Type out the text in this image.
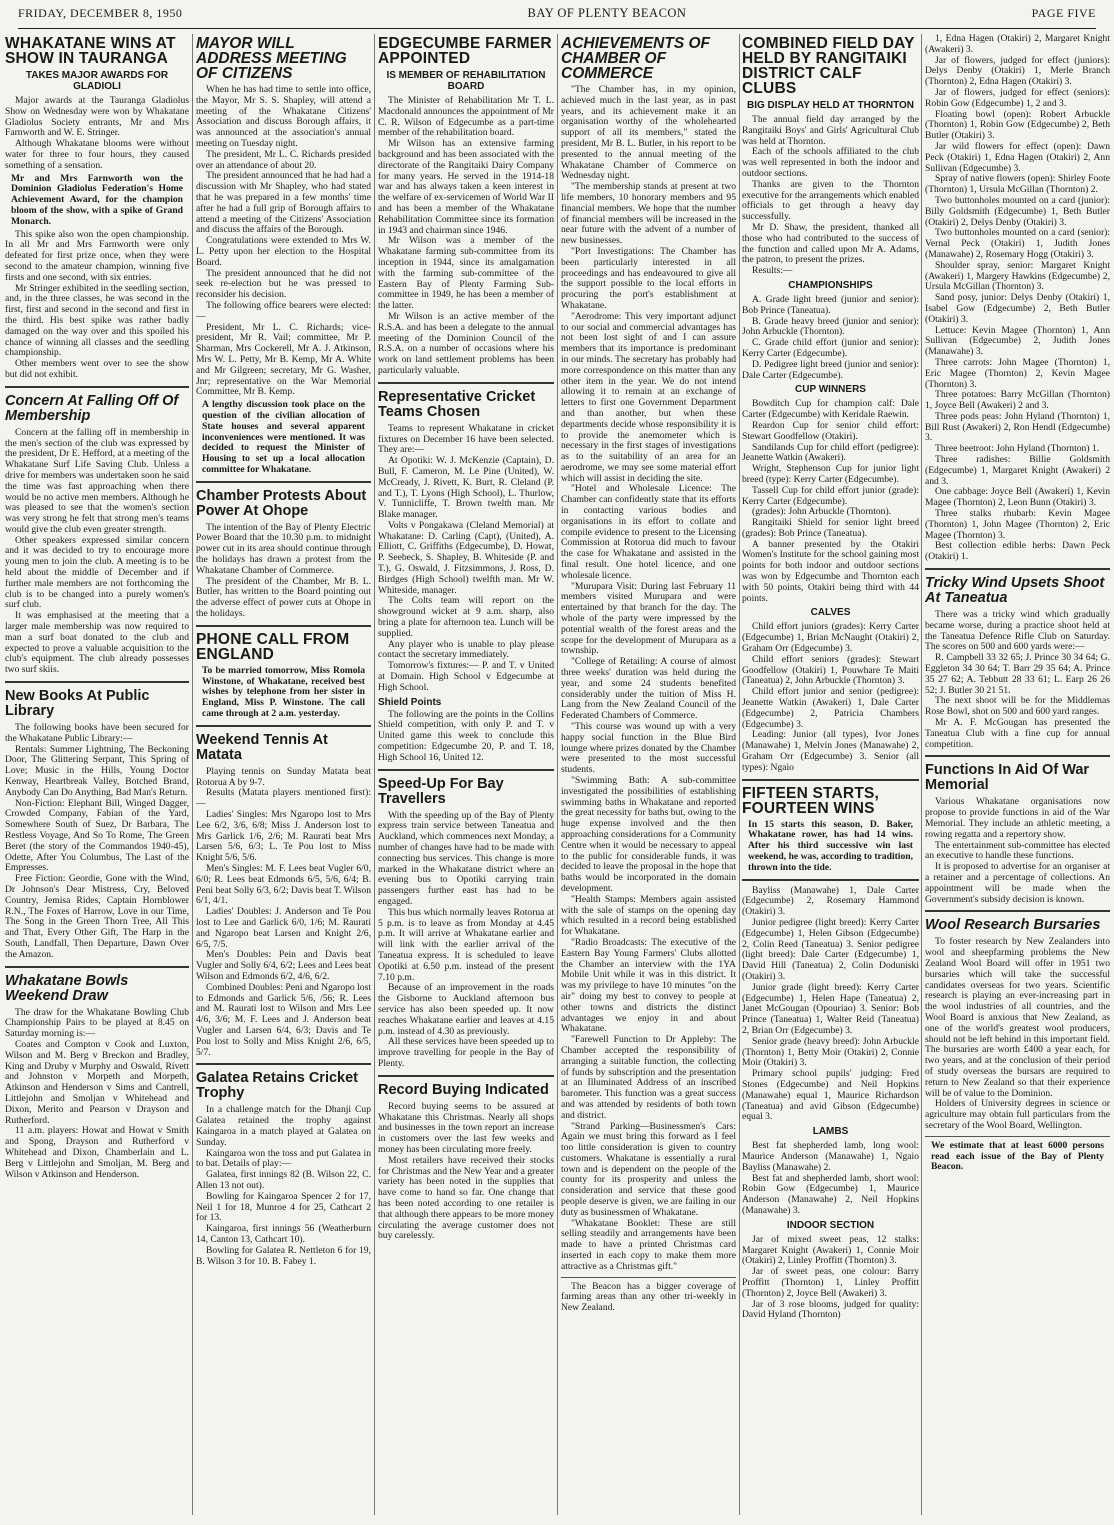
FRIDAY, DECEMBER 8, 1950	BAY OF PLENTY BEACON	PAGE FIVE
WHAKATANE WINS AT SHOW IN TAURANGA
TAKES MAJOR AWARDS FOR GLADIOLI

Major awards at the Tauranga Gladiolus Show on Wednesday were won by Whakatane Gladiolus Society entrants, Mr and Mrs Farnworth and W. E. Stringer.

Although Whakatane blooms were without water for three to four hours, they caused something of a sensation.

Mr and Mrs Farnworth won the Dominion Gladiolus Federation's Home Achievement Award, for the champion bloom of the show, with a spike of Grand Monarch.

This spike also won the open championship. In all Mr and Mrs Farnworth were only defeated for first prize once, when they were second to the amateur champion, winning five firsts and one second, with six entries.

Mr Stringer exhibited in the seedling section, and, in the three classes, he was second in the first, first and second in the second and first in the third. His best spike was rather badly damaged on the way over and this spoiled his chance of winning all classes and the seedling championship.

Other members went over to see the show but did not exhibit.

Concern At Falling Off Of Membership

Concern at the falling off in membership in the men's section of the club was expressed by the president, Dr E. Hefford, at a meeting of the Whakatane Surf Life Saving Club. Unless a drive for members was undertaken soon he said the time was fast approaching when there would be no active men members. Although he was pleased to see that the women's section was very strong he felt that strong men's teams would give the club even greater strength.

Other speakers expressed similar concern and it was decided to try to encourage more young men to join the club. A meeting is to be held about the middle of December and if further male members are not forthcoming the club is to be changed into a purely women's surf club.

It was emphasised at the meeting that a larger male membership was now required to man a surf boat donated to the club and expected to prove a valuable acquisition to the club's equipment. The club already possesses two surf skiis.

New Books At Public Library

The following books have been secured for the Whakatane Public Library:—

Rentals: Summer Lightning, The Beckoning Door, The Glittering Serpant, This Spring of Love; Music in the Hills, Young Doctor Kenway, Heartbreak Valley, Botched Brand, Anybody Can Do Anything, Bad Man's Return.

Non-Fiction: Elephant Bill, Winged Dagger, Crowded Company, Fabian of the Yard, Somewhere South of Suez, Dr Barbara, The Restless Voyage, And So To Rome, The Green Beret (the story of the Commandos 1940-45), Odette, After You Columbus, The Last of the Empresses.

Free Fiction: Geordie, Gone with the Wind, Dr Johnson's Dear Mistress, Cry, Beloved Country, Jemisa Rides, Captain Hornblower R.N., The Foxes of Harrow, Love in our Time, The Song in the Green Thorn Tree, All This and That, Every Other Gift, The Harp in the South, Landfall, Then Departure, Dawn Over the Amazon.

Whakatane Bowls Weekend Draw

The draw for the Whakatane Bowling Club Championship Pairs to be played at 8.45 on Saturday morning is:—

Coates and Compton v Cook and Luxton, Wilson and M. Berg v Breckon and Bradley, King and Druby v Murphy and Oswald, Rivett and Johnston v Morpeth and Morpeth, Atkinson and Henderson v Sims and Cantrell, Littlejohn and Smoljan v Whitehead and Dixon, Merito and Pearson v Drayson and Rutherford.

11 a.m. players: Howat and Howat v Smith and Spong, Drayson and Rutherford v Whitehead and Dixon, Chamberlain and L. Berg v Littlejohn and Smoljan, M. Berg and Wilson v Atkinson and Henderson.

MAYOR WILL ADDRESS MEETING OF CITIZENS

When he has had time to settle into office, the Mayor, Mr S. S. Shapley, will attend a meeting of the Whakatane Citizens' Association and discuss Borough affairs, it was announced at the association's annual meeting on Tuesday night.

The president, Mr L. C. Richards presided over an attendance of about 20.

The president announced that he had had a discussion with Mr Shapley, who had stated that he was prepared in a few months' time after he had a full grip of Borough affairs to attend a meeting of the Citizens' Association and discuss the affairs of the Borough.

Congratulations were extended to Mrs W. L. Petty upon her election to the Hospital Board.

The president announced that he did not seek re-election but he was pressed to reconsider his decision.

The following office bearers were elected:—

President, Mr L. C. Richards; vice-president, Mr R. Vail; committee, Mr P. Sharman, Mrs Cockerell, Mr A. J. Atkinson, Mrs W. L. Petty, Mr B. Kemp, Mr A. White and Mr Gilgreen; secretary, Mr G. Washer, Jnr; representative on the War Memorial Committee, Mr B. Kemp.

A lengthy discussion took place on the question of the civilian allocation of State houses and several apparent inconveniences were mentioned. It was decided to request the Minister of Housing to set up a local allocation committee for Whakatane.
Chamber Protests About Power At Ohope

The intention of the Bay of Plenty Electric Power Board that the 10.30 p.m. to midnight power cut in its area should continue through the holidays has drawn a protest from the Whakatane Chamber of Commerce.

The president of the Chamber, Mr B. L. Butler, has written to the Board pointing out the adverse effect of power cuts at Ohope in the holidays.

PHONE CALL FROM ENGLAND
To be married tomorrow, Miss Romola Winstone, of Whakatane, received best wishes by telephone from her sister in England, Miss P. Winstone. The call came through at 2 a.m. yesterday.
Weekend Tennis At Matata

Playing tennis on Sunday Matata beat Rotorua A by 9-7.

Results (Matata players mentioned first):—

Ladies' Singles: Mrs Ngaropo lost to Mrs Lee 6/2, 3/6, 6/8; Miss J. Anderson lost to Mrs Garlick 1/6, 2/6; M. Raurati beat Mrs Larsen 5/6, 6/3; L. Te Pou lost to Miss Knight 5/6, 5/6.

Men's Singles: M. F. Lees beat Vugler 6/0, 6/0; R. Lees beat Edmonds 6/5, 5/6, 6/4; B. Peni beat Solly 6/3, 6/2; Davis beat T. Wilson 6/1, 4/1.

Ladies' Doubles: J. Anderson and Te Pou lost to Lee and Garlick 6/0, 1/6; M. Raurati and Ngaropo beat Larsen and Knight 2/6, 6/5, 7/5.

Men's Doubles: Pein and Davis beat Vugler and Solly 6/4, 6/2; Lees and Lees beat Wilson and Edmonds 6/2, 4/6, 6/2.

Combined Doubles: Peni and Ngaropo lost to Edmonds and Garlick 5/6, /56; R. Lees and M. Raurati lost to Wilson and Mrs Lee 4/6, 3/6; M. F. Lees and J. Anderson beat Vugler and Larsen 6/4, 6/3; Davis and Te Pou lost to Solly and Miss Knight 2/6, 6/5, 5/7.

Galatea Retains Cricket Trophy

In a challenge match for the Dhanji Cup Galatea retained the trophy against Kaingaroa in a match played at Galatea on Sunday.

Kaingaroa won the toss and put Galatea in to bat. Details of play:—

Galatea, first innings 82 (B. Wilson 22, C. Allen 13 not out).

Bowling for Kaingaroa Spencer 2 for 17, Neil 1 for 18, Munroe 4 for 25, Cathcart 2 for 13.

Kaingaroa, first innings 56 (Weatherburn 14, Canton 13, Cathcart 10).

Bowling for Galatea R. Nettleton 6 for 19, B. Wilson 3 for 10. B. Fabey 1.

EDGECUMBE FARMER APPOINTED
IS MEMBER OF REHABILITATION BOARD

The Minister of Rehabilitation Mr T. L. Macdonald announces the appointment of Mr C. R. Wilson of Edgecumbe as a part-time member of the rehabilitation board.

Mr Wilson has an extensive farming background and has been associated with the directorate of the Rangitaiki Dairy Company for many years. He served in the 1914-18 war and has always taken a keen interest in the welfare of ex-servicemen of World War II and has been a member of the Whakatane Rehabilitation Committee since its formation in 1943 and chairman since 1946.

Mr Wilson was a member of the Whakatane farming sub-committee from its inception in 1944, since its amalgamation with the farming sub-committee of the Eastern Bay of Plenty Farming Sub-committee in 1949, he has been a member of the latter.

Mr Wilson is an active member of the R.S.A. and has been a delegate to the annual meeting of the Dominion Council of the R.S.A. on a number of occasions where his work on land settlement problems has been particularly valuable.

Representative Cricket Teams Chosen

Teams to represent Whakatane in cricket fixtures on December 16 have been selected. They are:—

At Opotiki: W. J. McKenzie (Captain), D. Bull, F. Cameron, M. Le Pine (United), W. McCready, J. Rivett, K. Burt, R. Cleland (P. and T.), T. Lyons (High School), L. Thurlow, V. Tunnicliffe, T. Brown twelth man. Mr Blake manager.

Volts v Pongakawa (Cleland Memorial) at Whakatane: D. Carling (Capt), (United), A. Elliott, C. Griffiths (Edgecumbe), D. Howat, P. Seebeck, S. Shapley, B. Whiteside (P. and T.), G. Oswald, J. Fitzsimmons, J. Ross, D. Birdges (High School) twelfth man. Mr W. Whiteside, manager.

The Colts team will report on the showground wicket at 9 a.m. sharp, also bring a plate for afternoon tea. Lunch will be supplied.

Any player who is unable to play please contact the secretary immediately.

Tomorrow's fixtures:— P. and T. v United at Domain. High School v Edgecumbe at High School.

Shield Points

The following are the points in the Collins Shield competition, with only P. and T. v United game this week to conclude this competition: Edgecumbe 20, P. and T. 18, High School 16, United 12.

Speed-Up For Bay Travellers

With the speeding up of the Bay of Plenty express train service between Taneatua and Auckland, which commences next Monday, a number of changes have had to be made with connecting bus services. This change is more marked in the Whakatane district where an evening bus to Opotiki carrying train passengers further east has had to be engaged.

This bus which normally leaves Rotorua at 5 p.m. is to leave as from Monday at 4.45 p.m. It will arrive at Whakatane earlier and will link with the earlier arrival of the Taneatua express. It is scheduled to leave Opotiki at 6.50 p.m. instead of the present 7.10 p.m.

Because of an improvement in the roads the Gisborne to Auckland afternoon bus service has also been speeded up. It now reaches Whakatane earlier and leaves at 4.15 p.m. instead of 4.30 as previously.

All these services have been speeded up to improve travelling for people in the Bay of Plenty.

Record Buying Indicated

Record buying seems to be assured at Whakatane this Christmas. Nearly all shops and businesses in the town report an increase in customers over the last few weeks and money has been circulating more freely.

Most retailers have received their stocks for Christmas and the New Year and a greater variety has been noted in the supplies that have come to hand so far. One change that has been noted according to one retailer is that although there appears to be more money circulating the average customer does not buy carelessly.

ACHIEVEMENTS OF CHAMBER OF COMMERCE

"The Chamber has, in my opinion, achieved much in the last year, as in past years, and its achievement make it an organisation worthy of the wholehearted support of all its members," stated the president, Mr B. L. Butler, in his report to be presented to the annual meeting of the Whakatane Chamber of Commerce on Wednesday night.

"The membership stands at present at two life members, 10 honorary members and 95 financial members. We hope that the number of financial members will be increased in the near future with the advent of a number of new businesses.

"Port Investigations: The Chamber has been particularly interested in all proceedings and has endeavoured to give all the support possible to the local efforts in procuring the port's establishment at Whakatane.

"Aerodrome: This very important adjunct to our social and commercial advantages has not been lost sight of and I can assure members that its importance is predominant in our minds. The secretary has probably had more correspondence on this matter than any other item in the year. We do not intend allowing it to remain at an exchange of letters to first one Government Department and than another, but when these departments decide whose responsibility it is to provide the anemometer which is necessary in the first stages of investigations as to the suitability of an area for an aerodrome, we may see some material effort which will assist in deciding the site.

"Hotel and Wholesale Licence: The Chamber can confidently state that its efforts in contacting various bodies and organisations in its effort to collate and compile evidence to present to the Licensing Commission at Rotorua did much to favour the case for Whakatane and assisted in the final result. One hotel licence, and one wholesale licence.

"Murupara Visit: During last February 11 members visited Murupara and were entertained by that branch for the day. The whole of the party were impressed by the potential wealth of the forest areas and the scope for the development of Murupara as a township.

"College of Retailing: A course of almost three weeks' duration was held during the year, and some 24 students benefited considerably under the tuition of Miss H. Lang from the New Zealand Council of the Federated Chambers of Commerce.

"This course was wound up with a very happy social function in the Blue Bird lounge where prizes donated by the Chamber were presented to the most successful students.

"Swimming Bath: A sub-committee investigated the possibilities of establishing swimming baths in Whakatane and reported the great necessity for baths but, owing to the huge expense involved and the then approaching considerations for a Community Centre when it would be necessary to appeal to the public for considerable funds, it was decided to leave the proposal in the hope that baths would be incorporated in the domain development.

"Health Stamps: Members again assisted with the sale of stamps on the opening day which resulted in a record being established for Whakatane.

"Radio Broadcasts: The executive of the Eastern Bay Young Farmers' Clubs allotted the Chamber an interview with the 1YA Mobile Unit while it was in this district. It was my privilege to have 10 minutes "on the air" doing my best to convey to people at other towns and districts the distinct advantages we enjoy in and about Whakatane.

"Farewell Function to Dr Appleby: The Chamber accepted the responsibility of arranging a suitable function, the collecting of funds by subscription and the presentation at an Illuminated Address of an inscribed barometer. This function was a great success and was attended by residents of both town and district.

"Strand Parking—Businessmen's Cars: Again we must bring this forward as I feel too little consideration is given to country customers. Whakatane is essentially a rural town and is dependent on the people of the county for its prosperity and unless the consideration and service that these good people deserve is given, we are failing in our duty as businessmen of Whakatane.

"Whakatane Booklet: These are still selling steadily and arrangements have been made to have a printed Christmas card inserted in each copy to make them more attractive as a Christmas gift."

The Beacon has a bigger coverage of farming areas than any other tri-weekly in New Zealand.

COMBINED FIELD DAY HELD BY RANGITAIKI DISTRICT CALF CLUBS
BIG DISPLAY HELD AT THORNTON

The annual field day arranged by the Rangitaiki Boys' and Girls' Agricultural Club was held at Thornton.

Each of the schools affiliated to the club was well represented in both the indoor and outdoor sections.

Thanks are given to the Thornton executive for the arrangements which enabled officials to get through a heavy day successfully.

Mr D. Shaw, the president, thanked all those who had contributed to the success of the function and called upon Mr A. Adams, the patron, to present the prizes.

Results:—

CHAMPIONSHIPS

A. Grade light breed (junior and senior): Bob Prince (Taneatua).

B. Grade heavy breed (junior and senior): John Arbuckle (Thornton).

C. Grade child effort (junior and senior): Kerry Carter (Edgecumbe).

D. Pedigree light breed (junior and senior): Dale Carter (Edgecumbe).

CUP WINNERS

Bowditch Cup for champion calf: Dale Carter (Edgecumbe) with Keridale Raewin.

Reardon Cup for senior child effort: Stewart Goodfellow (Otakiri).

Sandilands Cup for child effort (pedigree): Jeanette Watkin (Awakeri).

Wright, Stephenson Cup for junior light breed (type): Kerry Carter (Edgecumbe).

Tassell Cup for child effort junior (grade): Kerry Carter (Edgecumbe).

(grades): John Arbuckle (Thornton).

Rangitaiki Shield for senior light breed (grades): Bob Prince (Taneatua).

A banner presented by the Otakiri Women's Institute for the school gaining most points for both indoor and outdoor sections was won by Edgecumbe and Thornton each with 50 points, Otakiri being third with 44 points.

CALVES

Child effort juniors (grades): Kerry Carter (Edgecumbe) 1, Brian McNaught (Otakiri) 2, Graham Orr (Edgecumbe) 3.

Child effort seniors (grades): Stewart Goodfellow (Otakiri) 1, Pouwhare Te Maiti (Taneatua) 2, John Arbuckle (Thornton) 3.

Child effort junior and senior (pedigree): Jeanette Watkin (Awakeri) 1, Dale Carter (Edgecumbe) 2, Patricia Chambers (Edgecumbe) 3.

Leading: Junior (all types), Ivor Jones (Manawahe) 1, Melvin Jones (Manawahe) 2, Graham Orr (Edgecumbe) 3. Senior (all types): Ngaio

FIFTEEN STARTS, FOURTEEN WINS
In 15 starts this season, D. Baker, Whakatane rower, has had 14 wins. After his third successive win last weekend, he was, according to tradition, thrown into the tide.

Bayliss (Manawahe) 1, Dale Carter (Edgecumbe) 2, Rosemary Hammond (Otakiri) 3.

Junior pedigree (light breed): Kerry Carter (Edgecumbe) 1, Helen Gibson (Edgecumbe) 2, Colin Reed (Taneatua) 3. Senior pedigree (light breed): Dale Carter (Edgecumbe) 1, David Hill (Taneatua) 2, Colin Doduniski (Otakiri) 3.

Junior grade (light breed): Kerry Carter (Edgecumbe) 1, Helen Hape (Taneatua) 2, Janet McGougan (Opouriao) 3. Senior: Bob Prince (Taneatua) 1, Walter Reid (Taneatua) 2, Brian Orr (Edgecumbe) 3.

Senior grade (heavy breed): John Arbuckle (Thornton) 1, Betty Moir (Otakiri) 2, Connie Moir (Otakiri) 3.

Primary school pupils' judging: Fred Stones (Edgecumbe) and Neil Hopkins (Manawahe) equal 1, Maurice Richardson (Taneatua) and avid Gibson (Edgecumbe) equal 3.

LAMBS

Best fat shepherded lamb, long wool: Maurice Anderson (Manawahe) 1, Ngaio Bayliss (Manawahe) 2.

Best fat and shepherded lamb, short wool: Robin Gow (Edgecumbe) 1, Maurice Anderson (Manawahe) 2, Neil Hopkins (Manawahe) 3.

INDOOR SECTION

Jar of mixed sweet peas, 12 stalks: Margaret Knight (Awakeri) 1, Connie Moir (Otakiri) 2, Linley Proffitt (Thornton) 3.

Jar of sweet peas, one colour: Barry Proffitt (Thornton) 1, Linley Proffitt (Thornton) 2, Joyce Bell (Awakeri) 3.

Jar of 3 rose blooms, judged for quality: David Hyland (Thornton)

1, Edna Hagen (Otakiri) 2, Margaret Knight (Awakeri) 3.

Jar of flowers, judged for effect (juniors): Delys Denby (Otakiri) 1, Merle Branch (Thornton) 2, Edna Hagen (Otakiri) 3.

Jar of flowers, judged for effect (seniors): Robin Gow (Edgecumbe) 1, 2 and 3.

Floating bowl (open): Robert Arbuckle (Thornton) 1, Robin Gow (Edgecumbe) 2, Beth Butler (Otakiri) 3.

Jar wild flowers for effect (open): Dawn Peck (Otakiri) 1, Edna Hagen (Otakiri) 2, Ann Sullivan (Edgecumbe) 3.

Spray of native flowers (open): Shirley Foote (Thornton) 1, Ursula McGillan (Thornton) 2.

Two buttonholes mounted on a card (junior): Billy Goldsmith (Edgecumbe) 1, Beth Butler (Otakiri) 2, Delys Denby (Otakiri) 3.

Two buttonholes mounted on a card (senior): Vernal Peck (Otakiri) 1, Judith Jones (Manawahe) 2, Rosemary Hogg (Otakiri) 3.

Shoulder spray, senior: Margaret Knight (Awakeri) 1, Margery Hawkins (Edgecumbe) 2, Ursula McGillan (Thornton) 3.

Sand posy, junior: Delys Denby (Otakiri) 1, Isabel Gow (Edgecumbe) 2, Beth Butler (Otakiri) 3.

Lettuce: Kevin Magee (Thornton) 1, Ann Sullivan (Edgecumbe) 2, Judith Jones (Manawahe) 3.

Three carrots: John Magee (Thornton) 1, Eric Magee (Thornton) 2, Kevin Magee (Thornton) 3.

Three potatoes: Barry McGillan (Thornton) 1, Joyce Bell (Awakeri) 2 and 3.

Three pods peas: John Hyland (Thornton) 1, Bill Rust (Awakeri) 2, Ron Hendl (Edgecumbe) 3.

Three beetroot: John Hyland (Thornton) 1.

Three radishes: Billie Goldsmith (Edgecumbe) 1, Margaret Knight (Awakeri) 2 and 3.

One cabbage: Joyce Bell (Awakeri) 1, Kevin Magee (Thornton) 2, Leon Bunn (Otakiri) 3.

Three stalks rhubarb: Kevin Magee (Thornton) 1, John Magee (Thornton) 2, Eric Magee (Thornton) 3.

Best collection edible herbs: Dawn Peck (Otakiri) 1.

Tricky Wind Upsets Shoot At Taneatua

There was a tricky wind which gradually became worse, during a practice shoot held at the Taneatua Defence Rifle Club on Saturday. The scores on 500 and 600 yards were:—

R. Campbell 33 32 65; J. Prince 30 34 64; G. Eggleton 34 30 64; T. Barr 29 35 64; A. Prince 35 27 62; A. Tebbutt 28 33 61; L. Earp 26 26 52; J. Butler 30 21 51.

The next shoot will be for the Middlemas Rose Bowl, shot on 500 and 600 yard ranges.

Mr A. F. McGougan has presented the Taneatua Club with a fine cup for annual competition.

Functions In Aid Of War Memorial

Various Whakatane organisations now propose to provide functions in aid of the War Memorial. They include an athletic meeting, a rowing regatta and a repertory show.

The entertainment sub-committee has elected an executive to handle these functions.

It is proposed to advertise for an organiser at a retainer and a percentage of collections. An appointment will be made when the Government's subsidy decision is known.

Wool Research Bursaries

To foster research by New Zealanders into wool and sheepfarming problems the New Zealand Wool Board will offer in 1951 two bursaries which will take the successful candidates overseas for two years. Scientific research is playing an ever-increasing part in the wool industries of all countries, and the Wool Board is anxious that New Zealand, as one of the world's greatest wool producers, should not be left behind in this important field. The bursaries are worth £400 a year each, for two years, and at the conclusion of their period of study overseas the bursars are required to return to New Zealand so that their experience will be of value to the Dominion.

Holders of University degrees in science or agriculture may obtain full particulars from the secretary of the Wool Board, Wellington.

We estimate that at least 6000 persons read each issue of the Bay of Plenty Beacon.
